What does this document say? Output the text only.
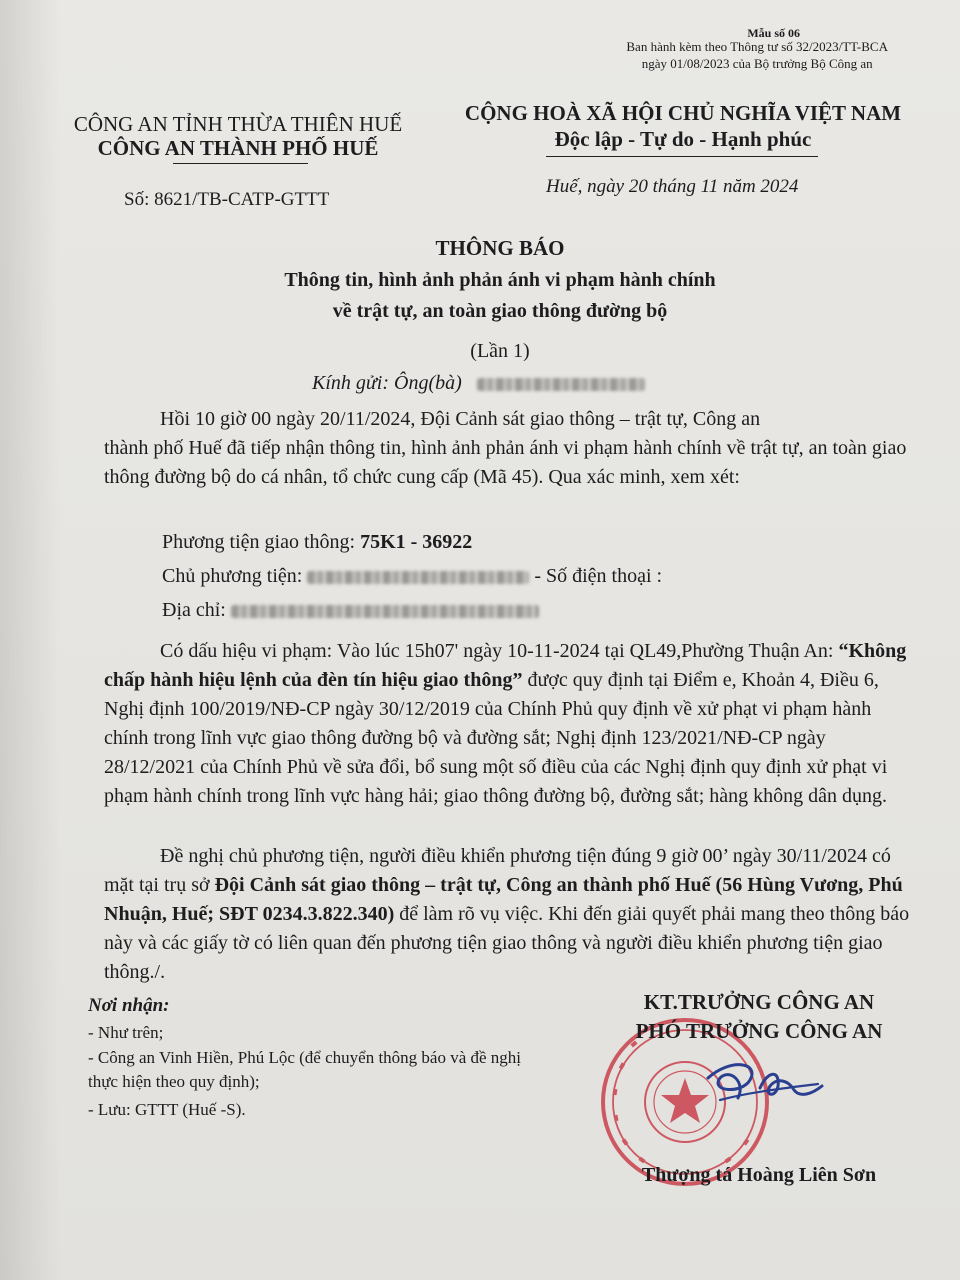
Mẫu số 06
Ban hành kèm theo Thông tư số 32/2023/TT-BCA
ngày 01/08/2023 của Bộ trưởng Bộ Công an
CÔNG AN TỈNH THỪA THIÊN HUẾ
CÔNG AN THÀNH PHỐ HUẾ
CỘNG HOÀ XÃ HỘI CHỦ NGHĨA VIỆT NAM
Độc lập - Tự do - Hạnh phúc
Số: 8621/TB-CATP-GTTT
Huế, ngày 20 tháng 11 năm 2024
THÔNG BÁO
Thông tin, hình ảnh phản ánh vi phạm hành chính
về trật tự, an toàn giao thông đường bộ
(Lần 1)
Kính gửi: Ông(bà)
Hồi 10 giờ 00 ngày 20/11/2024, Đội Cảnh sát giao thông – trật tự, Công an
thành phố Huế đã tiếp nhận thông tin, hình ảnh phản ánh vi phạm hành chính về trật tự, an toàn giao thông đường bộ do cá nhân, tổ chức cung cấp (Mã 45). Qua xác minh, xem xét:
Phương tiện giao thông: 75K1 - 36922
Chủ phương tiện:	- Số điện thoại :
Địa chỉ:
Có dấu hiệu vi phạm: Vào lúc 15h07' ngày 10-11-2024 tại QL49,Phường Thuận An: “Không chấp hành hiệu lệnh của đèn tín hiệu giao thông” được quy định tại Điểm e, Khoản 4, Điều 6, Nghị định 100/2019/NĐ-CP ngày 30/12/2019 của Chính Phủ quy định về xử phạt vi phạm hành chính trong lĩnh vực giao thông đường bộ và đường sắt; Nghị định 123/2021/NĐ-CP ngày 28/12/2021 của Chính Phủ về sửa đổi, bổ sung một số điều của các Nghị định quy định xử phạt vi phạm hành chính trong lĩnh vực hàng hải; giao thông đường bộ, đường sắt; hàng không dân dụng.
Đề nghị chủ phương tiện, người điều khiển phương tiện đúng 9 giờ 00’ ngày 30/11/2024 có mặt tại trụ sở Đội Cảnh sát giao thông – trật tự, Công an thành phố Huế (56 Hùng Vương, Phú Nhuận, Huế; SĐT 0234.3.822.340) để làm rõ vụ việc. Khi đến giải quyết phải mang theo thông báo này và các giấy tờ có liên quan đến phương tiện giao thông và người điều khiển phương tiện giao thông./.
Nơi nhận:
- Như trên;
- Công an Vinh Hiền, Phú Lộc (để chuyển thông báo và đề nghị thực hiện theo quy định);
- Lưu: GTTT (Huế -S).
KT.TRƯỞNG CÔNG AN
PHÓ TRƯỞNG CÔNG AN
Thượng tá Hoàng Liên Sơn
